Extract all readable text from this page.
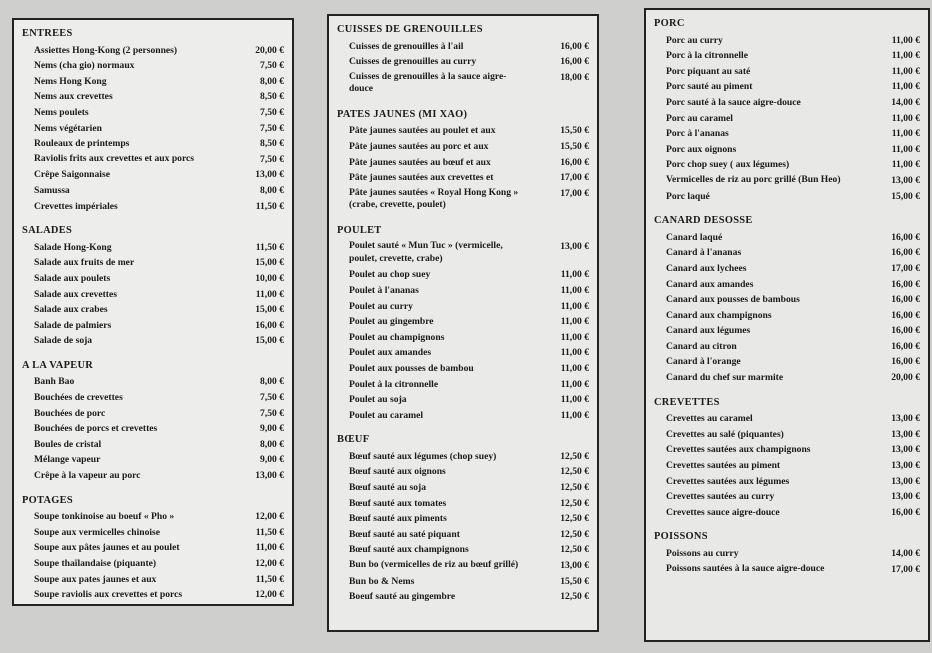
ENTREES
Assiettes Hong-Kong (2 personnes)	20,00 €
Nems (cha gio) normaux	7,50 €
Nems Hong Kong	8,00 €
Nems aux crevettes	8,50 €
Nems poulets	7,50 €
Nems végétarien	7,50 €
Rouleaux de printemps	8,50 €
Raviolis frits aux crevettes et aux porcs	7,50 €
Crêpe Saigonnaise	13,00 €
Samussa	8,00 €
Crevettes impériales	11,50 €
SALADES
Salade Hong-Kong	11,50 €
Salade aux fruits de mer	15,00 €
Salade aux poulets	10,00 €
Salade aux crevettes	11,00 €
Salade aux crabes	15,00 €
Salade de palmiers	16,00 €
Salade de soja	15,00 €
A LA VAPEUR
Banh Bao	8,00 €
Bouchées de crevettes	7,50 €
Bouchées de porc	7,50 €
Bouchées de porcs et crevettes	9,00 €
Boules de cristal	8,00 €
Mélange vapeur	9,00 €
Crêpe à la vapeur au porc	13,00 €
POTAGES
Soupe tonkinoise au boeuf « Pho »	12,00 €
Soupe aux vermicelles chinoise	11,50 €
Soupe aux pâtes jaunes et au poulet	11,00 €
Soupe thaïlandaise (piquante)	12,00 €
Soupe aux pates jaunes et aux	11,50 €
Soupe raviolis aux crevettes et porcs	12,00 €
CUISSES DE GRENOUILLES
Cuisses de grenouilles à l'ail	16,00 €
Cuisses de grenouilles au curry	16,00 €
Cuisses de grenouilles à la sauce aigre-douce
18,00 €
PATES JAUNES (MI XAO)
Pâte jaunes sautées au poulet et aux	15,50 €
Pâte jaunes sautées au porc et aux	15,50 €
Pâte jaunes sautées au bœuf et aux	16,00 €
Pâte jaunes sautées aux crevettes et	17,00 €
Pâte jaunes sautées « Royal Hong Kong » (crabe, crevette, poulet)
17,00 €
POULET
Poulet sauté « Mun Tuc » (vermicelle, poulet, crevette, crabe)
13,00 €
Poulet au chop suey	11,00 €
Poulet à l'ananas	11,00 €
Poulet au curry	11,00 €
Poulet au gingembre	11,00 €
Poulet au champignons	11,00 €
Poulet aux amandes	11,00 €
Poulet aux pousses de bambou	11,00 €
Poulet à la citronnelle	11,00 €
Poulet au soja	11,00 €
Poulet au caramel	11,00 €
BŒUF
Bœuf sauté aux légumes (chop suey)	12,50 €
Bœuf sauté aux oignons	12,50 €
Bœuf sauté au soja	12,50 €
Bœuf sauté aux tomates	12,50 €
Bœuf sauté aux piments	12,50 €
Bœuf sauté au saté piquant	12,50 €
Bœuf sauté aux champignons	12,50 €
Bun bo (vermicelles de riz au bœuf grillé)	13,00 €
Bun bo & Nems	15,50 €
Boeuf sauté au gingembre	12,50 €
PORC
Porc au curry	11,00 €
Porc à la citronnelle	11,00 €
Porc piquant au saté	11,00 €
Porc sauté au piment	11,00 €
Porc sauté à la sauce aigre-douce	14,00 €
Porc au caramel	11,00 €
Porc à l'ananas	11,00 €
Porc aux oignons	11,00 €
Porc chop suey ( aux légumes)	11,00 €
Vermicelles de riz au porc grillé (Bun Heo)	13,00 €
Porc laqué	15,00 €
CANARD DESOSSE
Canard laqué	16,00 €
Canard à l'ananas	16,00 €
Canard aux lychees	17,00 €
Canard aux amandes	16,00 €
Canard aux pousses de bambous	16,00 €
Canard aux champignons	16,00 €
Canard aux légumes	16,00 €
Canard au citron	16,00 €
Canard à l'orange	16,00 €
Canard du chef sur marmite	20,00 €
CREVETTES
Crevettes au caramel	13,00 €
Crevettes au salé (piquantes)	13,00 €
Crevettes sautées aux champignons	13,00 €
Crevettes sautées au piment	13,00 €
Crevettes sautées aux légumes	13,00 €
Crevettes sautées au curry	13,00 €
Crevettes sauce aigre-douce	16,00 €
POISSONS
Poissons au curry	14,00 €
Poissons sautées à la sauce aigre-douce	17,00 €
